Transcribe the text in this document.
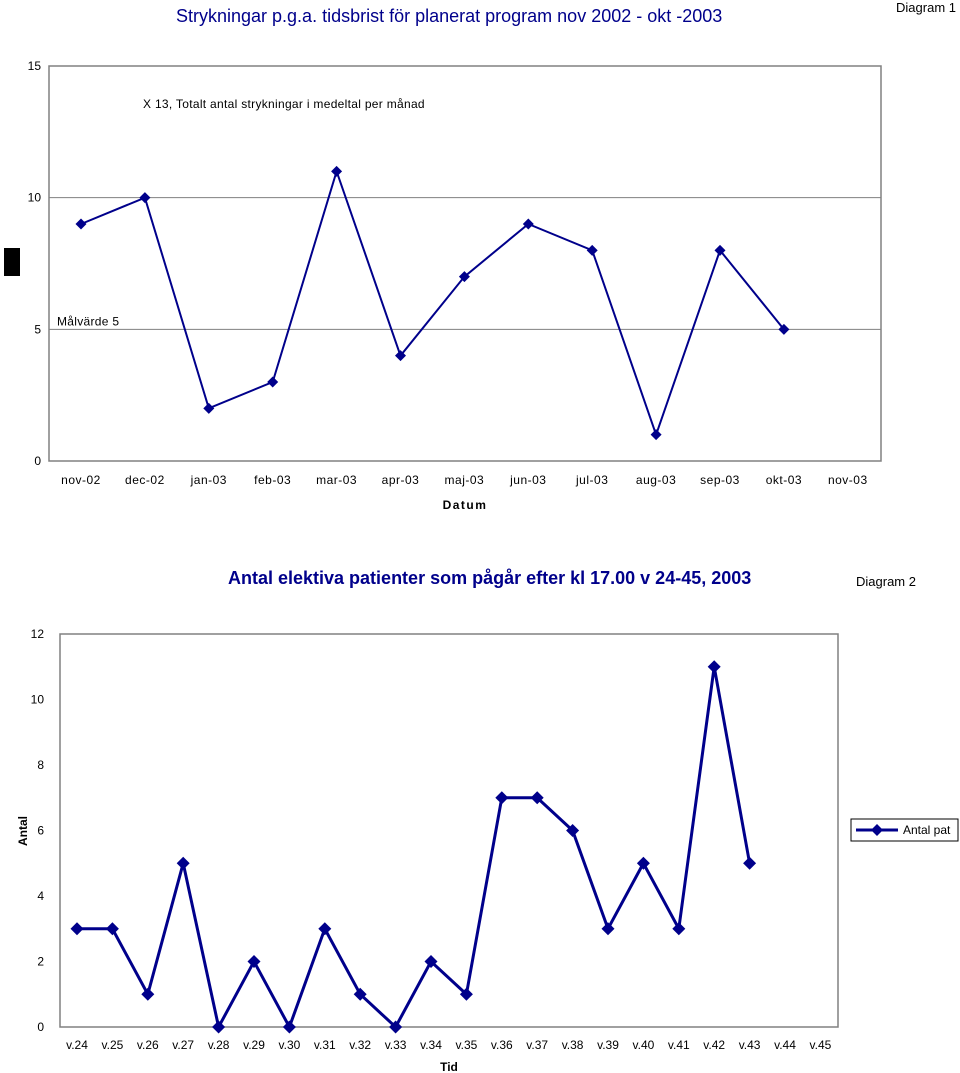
Strykningar p.g.a. tidsbrist för planerat program nov 2002 - okt -2003	Diagram 1
Antal elektiva patienter som pågår efter kl 17.00 v 24-45, 2003	Diagram 2
0
5
10
15
nov-02 dec-02 jan-03 feb-03 mar-03 apr-03 maj-03 jun-03 jul-03 aug-03 sep-03 okt-03 nov-03
Datum
X 13, Totalt antal strykningar i medeltal per månad
Målvärde 5
0
2
4
6
8
10
12
v.24 v.25 v.26 v.27 v.28 v.29 v.30 v.31 v.32 v.33 v.34 v.35 v.36 v.37 v.38 v.39 v.40 v.41 v.42 v.43 v.44 v.45
Tid
Antal	Antal pat
